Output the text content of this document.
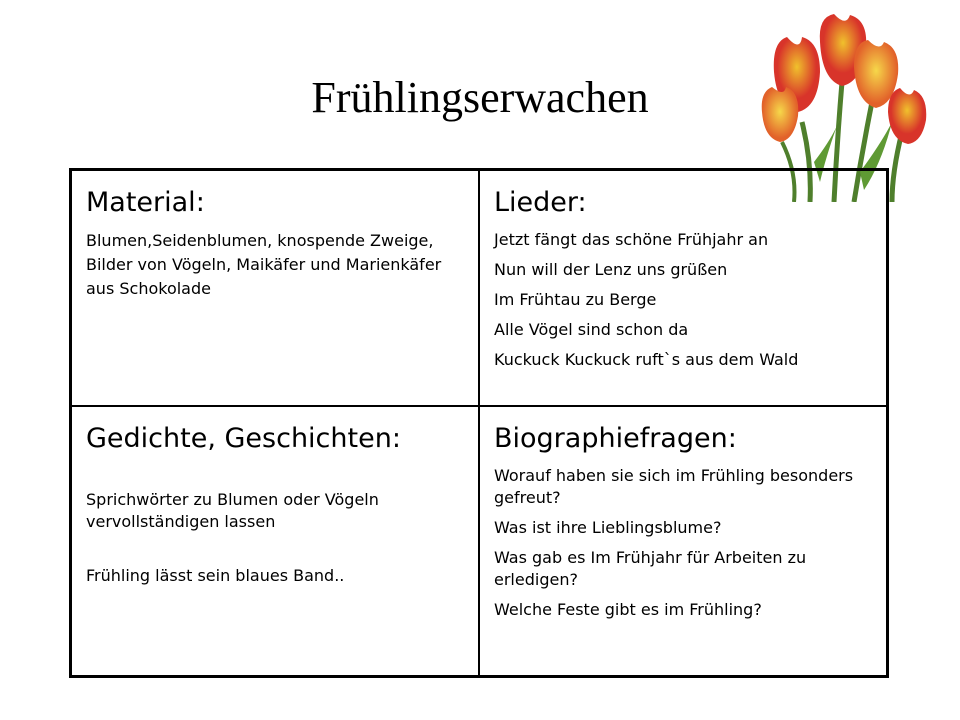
Frühlingserwachen
Material:
Blumen,Seidenblumen, knospende Zweige, Bilder von Vögeln, Maikäfer und Marienkäfer aus Schokolade
Lieder:
Jetzt fängt das schöne Frühjahr an
Nun will der Lenz uns grüßen
Im Frühtau zu Berge
Alle Vögel sind schon da
Kuckuck Kuckuck ruft`s aus dem Wald
Gedichte, Geschichten:
Sprichwörter zu Blumen oder Vögeln vervollständigen lassen
Frühling lässt sein blaues Band..
Biographiefragen:
Worauf haben sie sich im Frühling besonders gefreut?
Was ist ihre Lieblingsblume?
Was gab es Im Frühjahr für Arbeiten zu erledigen?
Welche Feste gibt es im Frühling?
